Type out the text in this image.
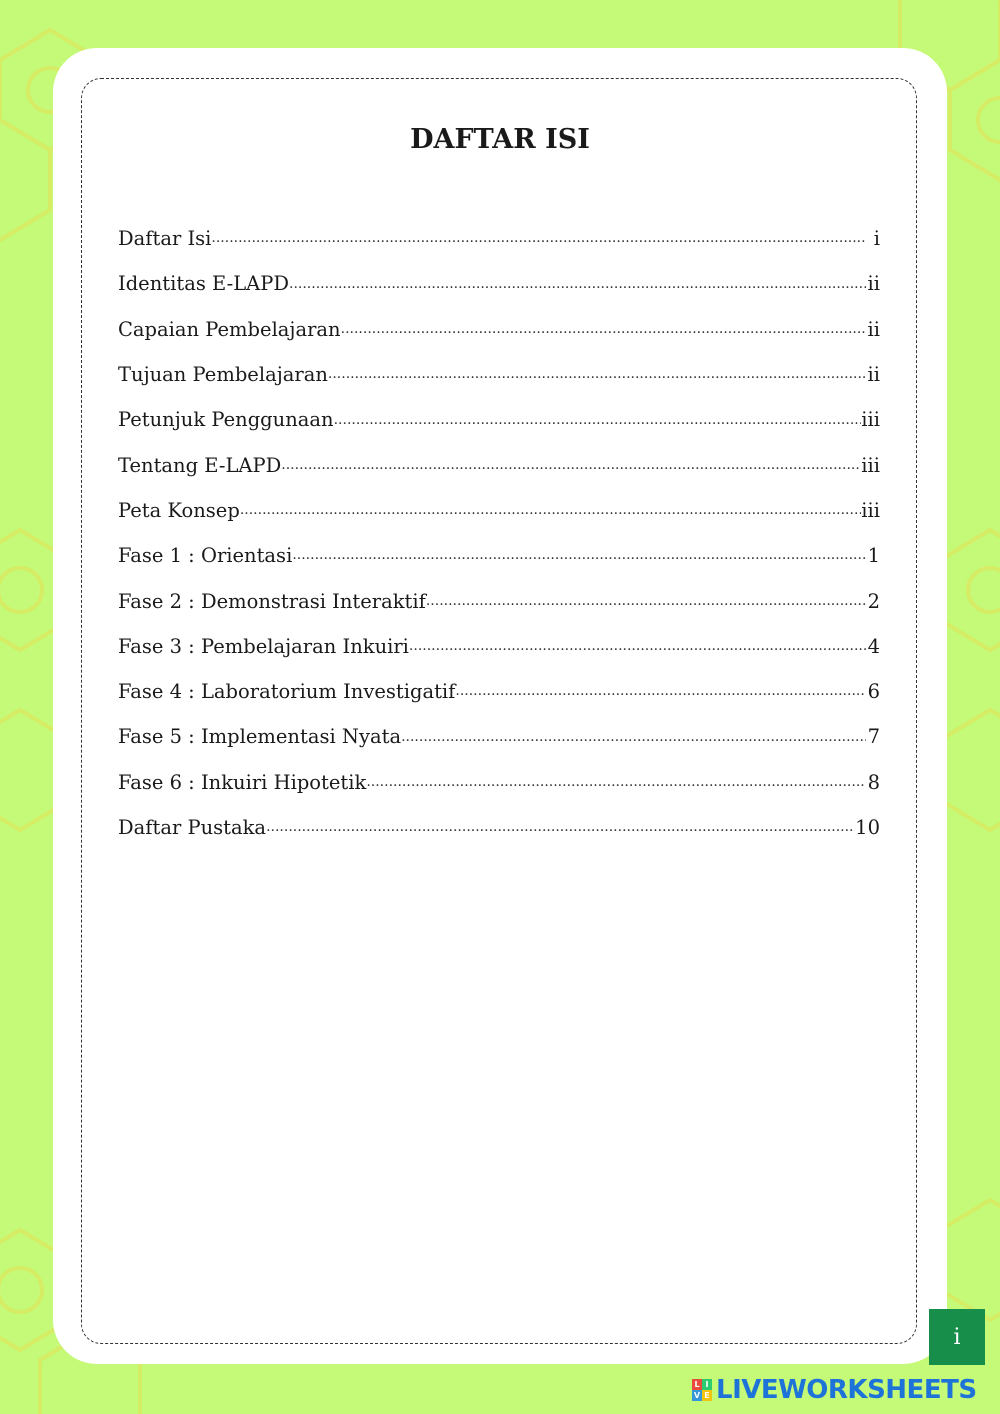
DAFTAR ISI
Daftar Isi .....	i
Identitas E-LAPD .....	ii
Capaian Pembelajaran .....	ii
Tujuan Pembelajaran .....	ii
Petunjuk Penggunaan .....	iii
Tentang E-LAPD .....	iii
Peta Konsep .....	iii
Fase 1 : Orientasi .....	1
Fase 2 : Demonstrasi Interaktif .....	2
Fase 3 : Pembelajaran Inkuiri .....	4
Fase 4 : Laboratorium Investigatif .....	6
Fase 5 : Implementasi Nyata .....	7
Fase 6 : Inkuiri Hipotetik .....	8
Daftar Pustaka .....	10
i
L I
V E LIVEWORKSHEETS
